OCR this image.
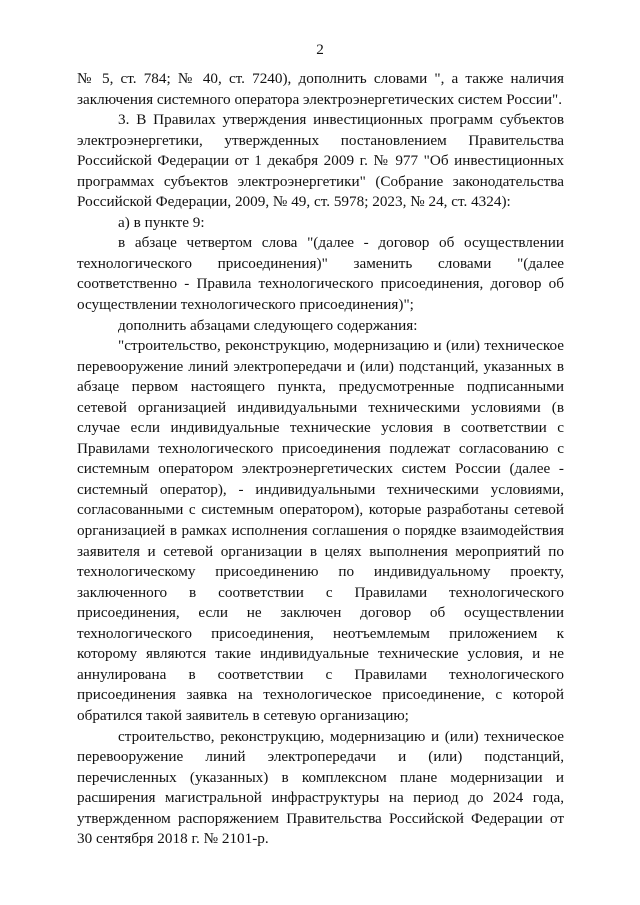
2

№ 5, ст. 784; № 40, ст. 7240), дополнить словами ", а также наличия заключения системного оператора электроэнергетических систем России".

3. В Правилах утверждения инвестиционных программ субъектов электроэнергетики, утвержденных постановлением Правительства Российской Федерации от 1 декабря 2009 г. № 977 "Об инвестиционных программах субъектов электроэнергетики" (Собрание законодательства Российской Федерации, 2009, № 49, ст. 5978; 2023, № 24, ст. 4324):

а) в пункте 9:

в абзаце четвертом слова "(далее - договор об осуществлении технологического присоединения)" заменить словами "(далее соответственно - Правила технологического присоединения, договор об осуществлении технологического присоединения)";

дополнить абзацами следующего содержания:

"строительство, реконструкцию, модернизацию и (или) техническое перевооружение линий электропередачи и (или) подстанций, указанных в абзаце первом настоящего пункта, предусмотренные подписанными сетевой организацией индивидуальными техническими условиями (в случае если индивидуальные технические условия в соответствии с Правилами технологического присоединения подлежат согласованию с системным оператором электроэнергетических систем России (далее - системный оператор), - индивидуальными техническими условиями, согласованными с системным оператором), которые разработаны сетевой организацией в рамках исполнения соглашения о порядке взаимодействия заявителя и сетевой организации в целях выполнения мероприятий по технологическому присоединению по индивидуальному проекту, заключенного в соответствии с Правилами технологического присоединения, если не заключен договор об осуществлении технологического присоединения, неотъемлемым приложением к которому являются такие индивидуальные технические условия, и не аннулирована в соответствии с Правилами технологического присоединения заявка на технологическое присоединение, с которой обратился такой заявитель в сетевую организацию;

строительство, реконструкцию, модернизацию и (или) техническое перевооружение линий электропередачи и (или) подстанций, перечисленных (указанных) в комплексном плане модернизации и расширения магистральной инфраструктуры на период до 2024 года, утвержденном распоряжением Правительства Российской Федерации от 30 сентября 2018 г. № 2101-р.
